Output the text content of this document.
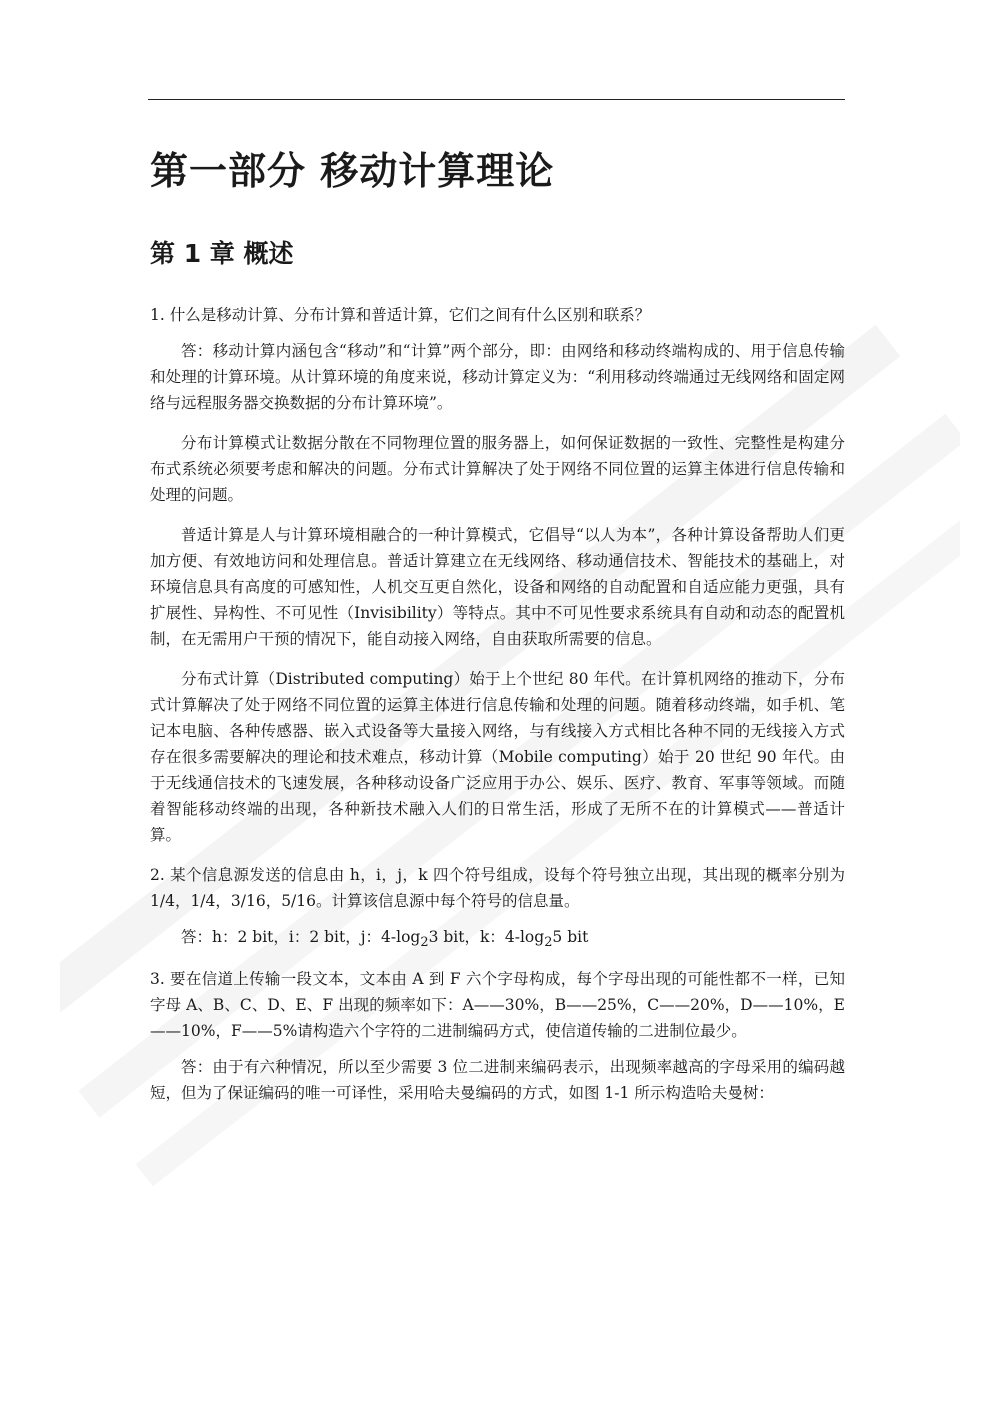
第一部分 移动计算理论
第 1 章 概述

1. 什么是移动计算、分布计算和普适计算，它们之间有什么区别和联系？

答：移动计算内涵包含“移动”和“计算”两个部分，即：由网络和移动终端构成的、用于信息传输和处理的计算环境。从计算环境的角度来说，移动计算定义为：“利用移动终端通过无线网络和固定网络与远程服务器交换数据的分布计算环境”。

分布计算模式让数据分散在不同物理位置的服务器上，如何保证数据的一致性、完整性是构建分布式系统必须要考虑和解决的问题。分布式计算解决了处于网络不同位置的运算主体进行信息传输和处理的问题。

普适计算是人与计算环境相融合的一种计算模式，它倡导“以人为本”，各种计算设备帮助人们更加方便、有效地访问和处理信息。普适计算建立在无线网络、移动通信技术、智能技术的基础上，对环境信息具有高度的可感知性，人机交互更自然化，设备和网络的自动配置和自适应能力更强，具有扩展性、异构性、不可见性（Invisibility）等特点。其中不可见性要求系统具有自动和动态的配置机制，在无需用户干预的情况下，能自动接入网络，自由获取所需要的信息。

分布式计算（Distributed computing）始于上个世纪 80 年代。在计算机网络的推动下，分布式计算解决了处于网络不同位置的运算主体进行信息传输和处理的问题。随着移动终端，如手机、笔记本电脑、各种传感器、嵌入式设备等大量接入网络，与有线接入方式相比各种不同的无线接入方式存在很多需要解决的理论和技术难点，移动计算（Mobile computing）始于 20 世纪 90 年代。由于无线通信技术的飞速发展，各种移动设备广泛应用于办公、娱乐、医疗、教育、军事等领域。而随着智能移动终端的出现，各种新技术融入人们的日常生活，形成了无所不在的计算模式——普适计算。

2. 某个信息源发送的信息由 h，i，j，k 四个符号组成，设每个符号独立出现，其出现的概率分别为 1/4，1/4，3/16，5/16。计算该信息源中每个符号的信息量。

答：h：2 bit，i：2 bit，j：$4-\log_23$ bit，k：$4-\log_25$ bit

3. 要在信道上传输一段文本，文本由 A 到 F 六个字母构成，每个字母出现的可能性都不一样，已知字母 A、B、C、D、E、F 出现的频率如下：A——30%，B——25%，C——20%，D——10%，E——10%，F——5%请构造六个字符的二进制编码方式，使信道传输的二进制位最少。

答：由于有六种情况，所以至少需要 3 位二进制来编码表示，出现频率越高的字母采用的编码越短，但为了保证编码的唯一可译性，采用哈夫曼编码的方式，如图 1-1 所示构造哈夫曼树：
